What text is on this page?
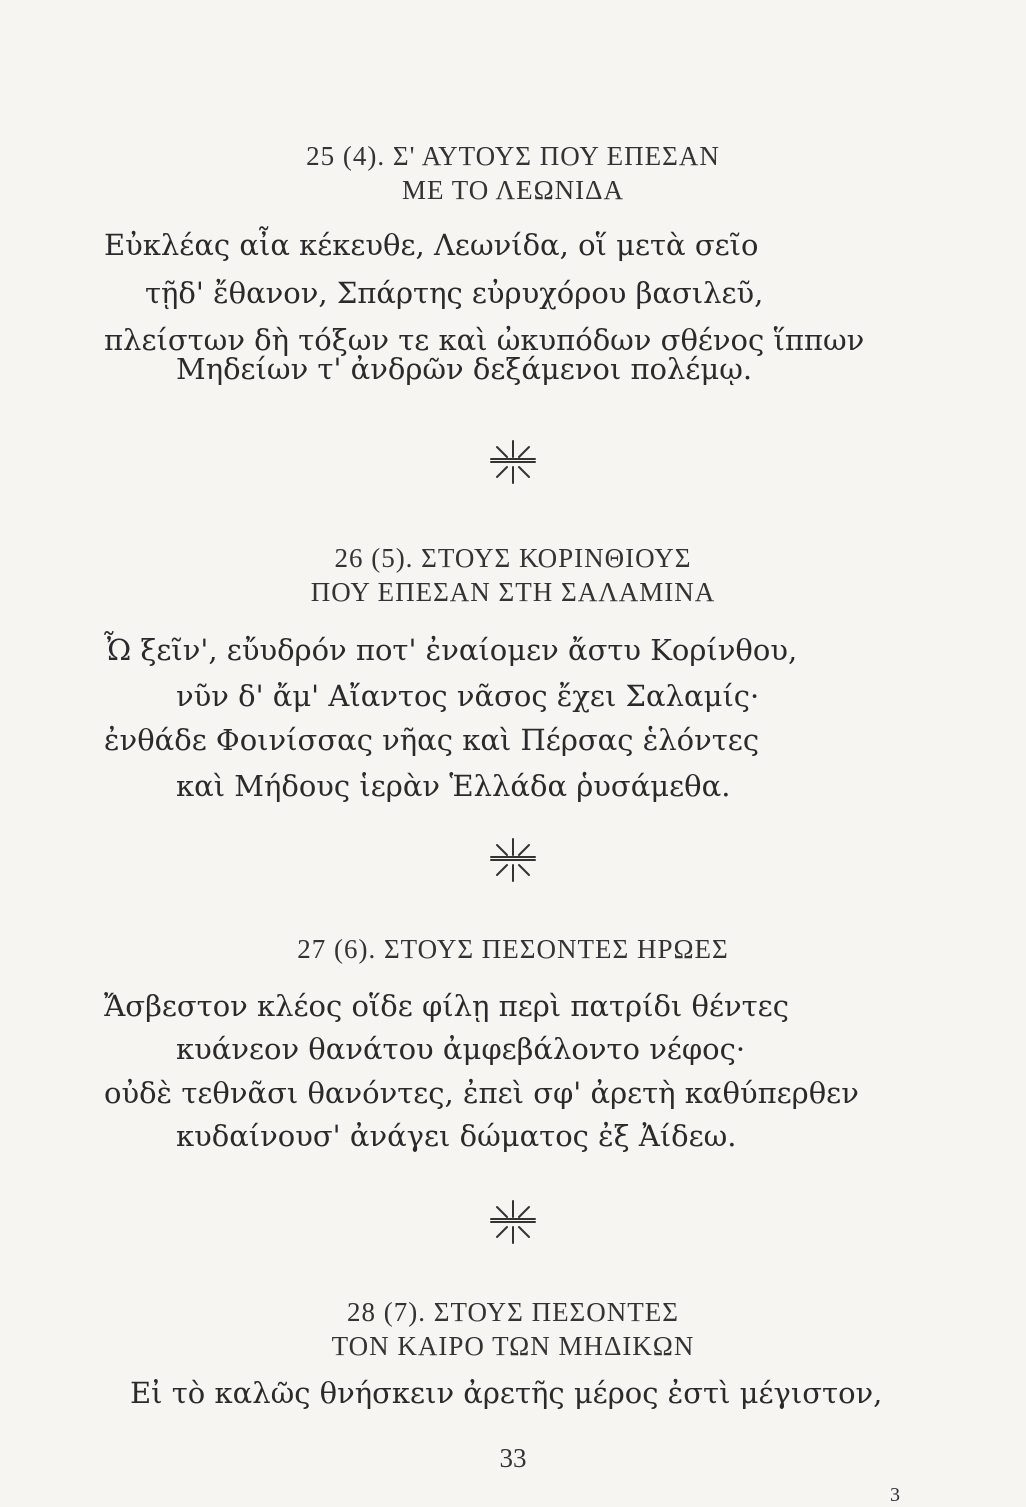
25 (4). Σ' ΑΥΤΟΥΣ ΠΟΥ ΕΠΕΣΑΝ
ΜΕ ΤΟ ΛΕΩΝΙΔΑ
Εὐκλέας αἶα κέκευθε, Λεωνίδα, οἵ μετὰ σεῖο
τῇδ' ἔθανον, Σπάρτης εὐρυχόρου βασιλεῦ,
πλείστων δὴ τόξων τε καὶ ὠκυπόδων σθένος ἵππων
Μηδείων τ' ἀνδρῶν δεξάμενοι πολέμῳ.
26 (5). ΣΤΟΥΣ ΚΟΡΙΝΘΙΟΥΣ
ΠΟΥ ΕΠΕΣΑΝ ΣΤΗ ΣΑΛΑΜΙΝΑ
Ὦ ξεῖν', εὔυδρόν ποτ' ἐναίομεν ἄστυ Κορίνθου,
νῦν δ' ἄμ' Αἴαντος νᾶσος ἔχει Σαλαμίς·
ἐνθάδε Φοινίσσας νῆας καὶ Πέρσας ἑλόντες
καὶ Μήδους ἱερὰν Ἑλλάδα ῥυσάμεθα.
27 (6). ΣΤΟΥΣ ΠΕΣΟΝΤΕΣ ΗΡΩΕΣ
Ἄσβεστον κλέος οἵδε φίλῃ περὶ πατρίδι θέντες
κυάνεον θανάτου ἀμφεβάλοντο νέφος·
οὐδὲ τεθνᾶσι θανόντες, ἐπεὶ σφ' ἀρετὴ καθύπερθεν
κυδαίνουσ' ἀνάγει δώματος ἐξ Ἀίδεω.
28 (7). ΣΤΟΥΣ ΠΕΣΟΝΤΕΣ
ΤΟΝ ΚΑΙΡΟ ΤΩΝ ΜΗΔΙΚΩΝ
Εἰ τὸ καλῶς θνήσκειν ἀρετῆς μέρος ἐστὶ μέγιστον,
33
3
